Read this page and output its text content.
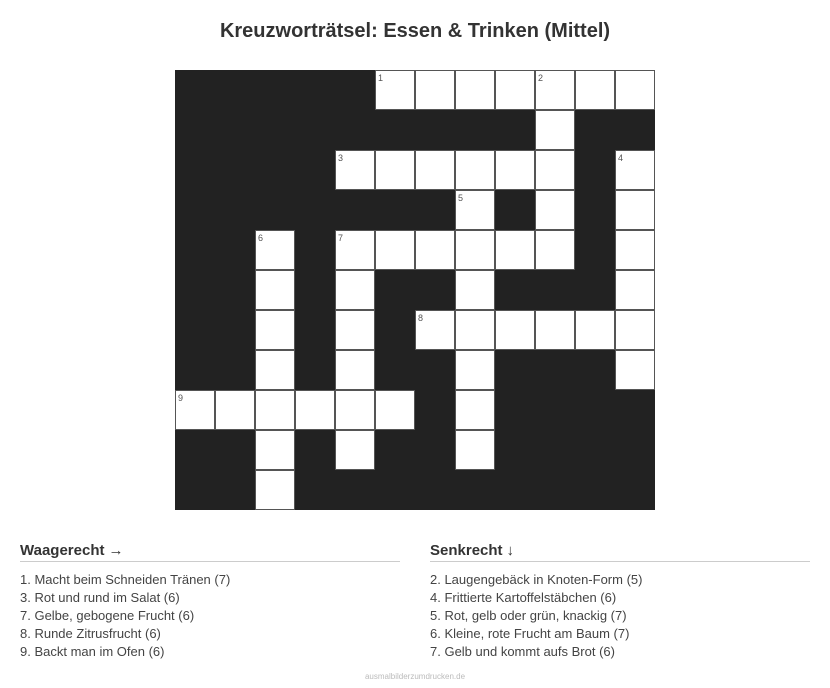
Kreuzworträtsel: Essen & Trinken (Mittel)
1	2
3	4
5
6	7
8
9
Waagerecht →
1. Macht beim Schneiden Tränen (7)
3. Rot und rund im Salat (6)
7. Gelbe, gebogene Frucht (6)
8. Runde Zitrusfrucht (6)
9. Backt man im Ofen (6)
Senkrecht ↓
2. Laugengebäck in Knoten-Form (5)
4. Frittierte Kartoffelstäbchen (6)
5. Rot, gelb oder grün, knackig (7)
6. Kleine, rote Frucht am Baum (7)
7. Gelb und kommt aufs Brot (6)
ausmalbilderzumdrucken.de
